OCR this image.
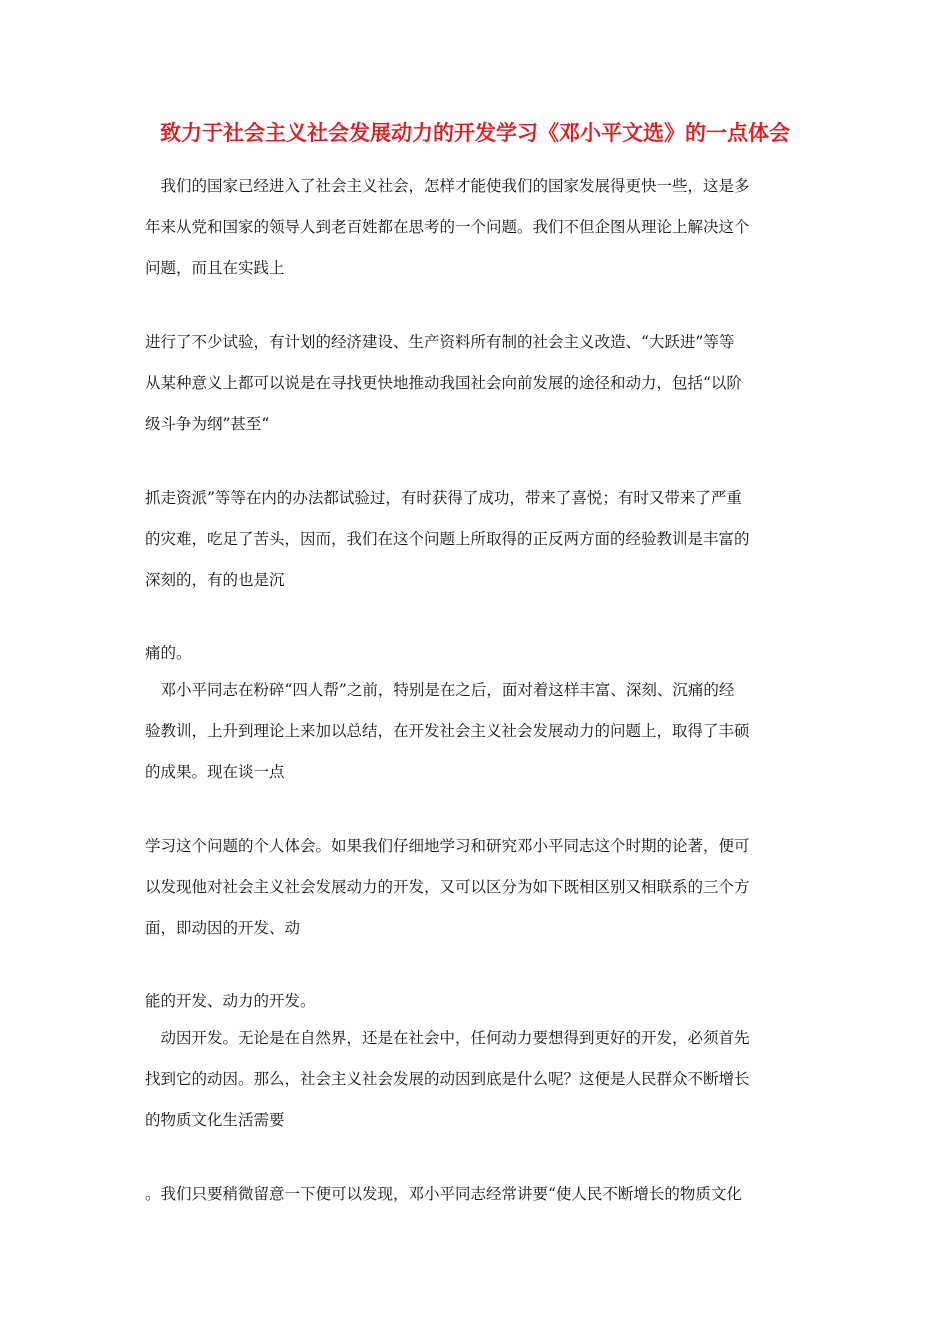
致力于社会主义社会发展动力的开发学习《邓小平文选》的一点体会
　我们的国家已经进入了社会主义社会，怎样才能使我们的国家发展得更快一些，这是多
年来从党和国家的领导人到老百姓都在思考的一个问题。我们不但企图从理论上解决这个
问题，而且在实践上
进行了不少试验，有计划的经济建设、生产资料所有制的社会主义改造、“大跃进”等等
从某种意义上都可以说是在寻找更快地推动我国社会向前发展的途径和动力，包括“以阶
级斗争为纲”甚至“
抓走资派”等等在内的办法都试验过，有时获得了成功，带来了喜悦；有时又带来了严重
的灾难，吃足了苦头，因而，我们在这个问题上所取得的正反两方面的经验教训是丰富的
深刻的，有的也是沉
痛的。
　邓小平同志在粉碎“四人帮”之前，特别是在之后，面对着这样丰富、深刻、沉痛的经
验教训，上升到理论上来加以总结，在开发社会主义社会发展动力的问题上，取得了丰硕
的成果。现在谈一点
学习这个问题的个人体会。如果我们仔细地学习和研究邓小平同志这个时期的论著，便可
以发现他对社会主义社会发展动力的开发，又可以区分为如下既相区别又相联系的三个方
面，即动因的开发、动
能的开发、动力的开发。
　动因开发。无论是在自然界，还是在社会中，任何动力要想得到更好的开发，必须首先
找到它的动因。那么，社会主义社会发展的动因到底是什么呢？这便是人民群众不断增长
的物质文化生活需要
。我们只要稍微留意一下便可以发现，邓小平同志经常讲要“使人民不断增长的物质文化
